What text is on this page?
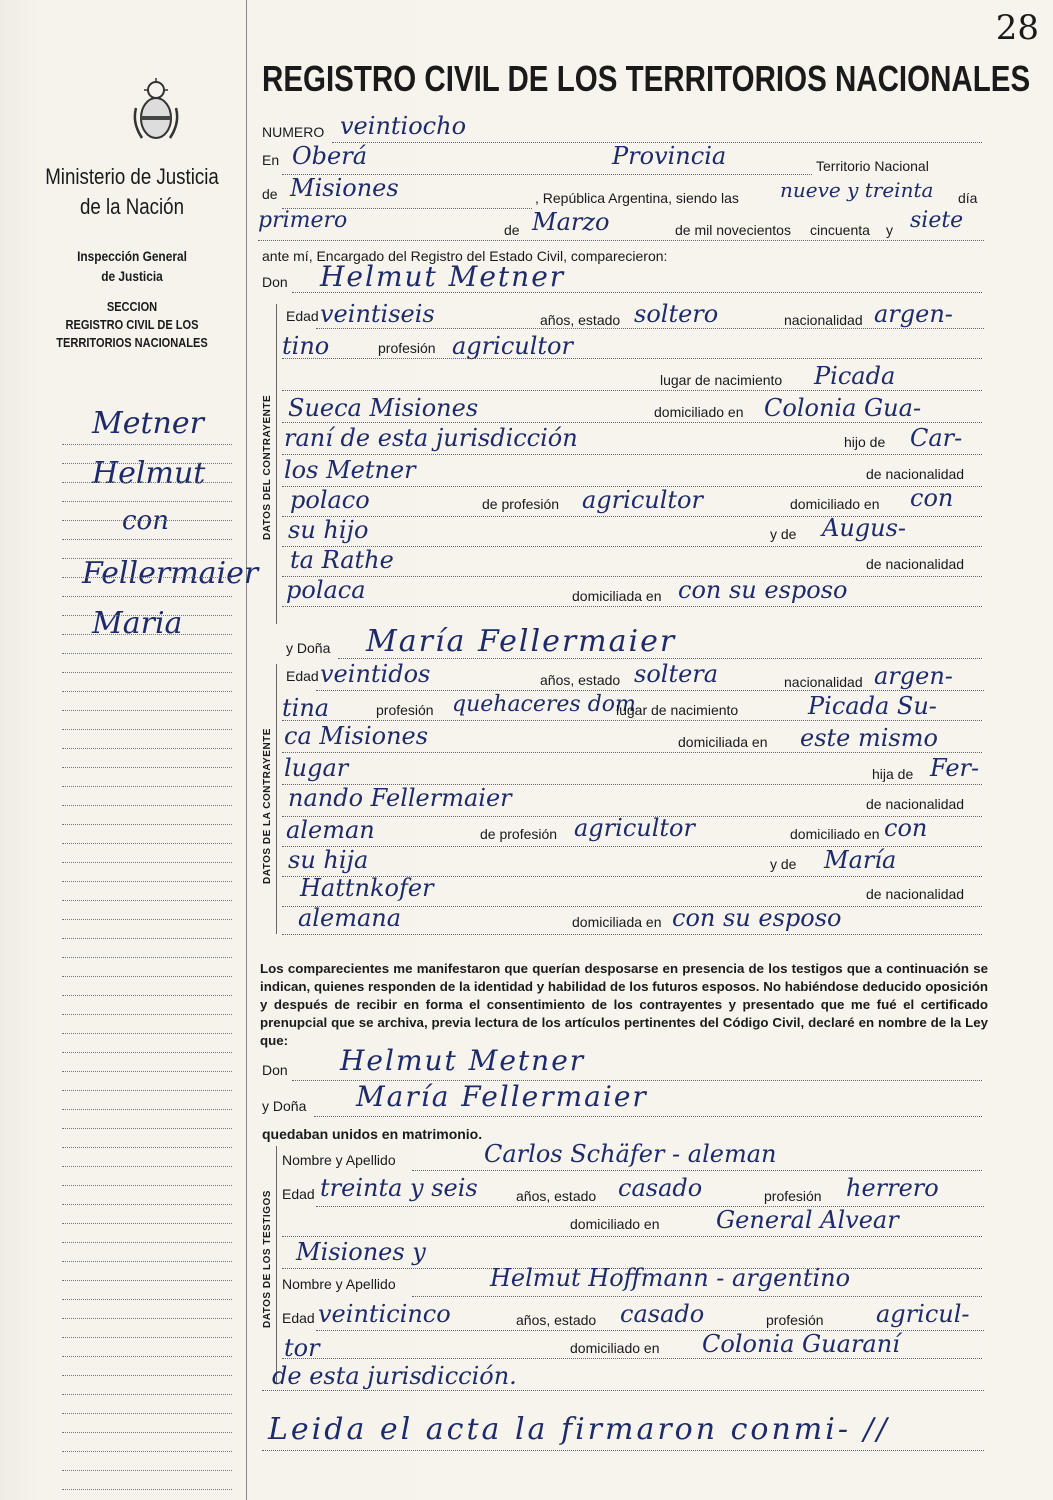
28
Ministerio de Justicia
de la Nación
Inspección General
de Justicia
SECCION
REGISTRO CIVIL DE LOS
TERRITORIOS NACIONALES
Metner
Helmut
con
Fellermaier
Maria
REGISTRO CIVIL DE LOS TERRITORIOS NACIONALES
NUMERO veintiocho
En Oberá	Provincia	Territorio Nacional
de Misiones	, República Argentina, siendo las nueve y treinta día
primero	de Marzo	de mil novecientos cincuenta y siete
ante mí, Encargado del Registro del Estado Civil, comparecieron:
Don Helmut Metner
DATOS DEL CONTRAYENTE
Edad veintiseis	años, estado soltero	nacionalidad argen-
tino	profesión agricultor
lugar de nacimiento Picada
Sueca Misiones	domiciliado en Colonia Gua-
raní de esta jurisdicción	hijo de Car-
los Metner	de nacionalidad
polaco	de profesión agricultor	domiciliado en con
su hijo	y de Augus-
ta Rathe	de nacionalidad
polaca	domiciliada en con su esposo
y Doña María Fellermaier
DATOS DE LA CONTRAYENTE
Edad veintidos	años, estado soltera	nacionalidad argen-
tina	profesión quehaceres dom
lugar de nacimiento	Picada Su-
ca Misiones	domiciliada en este mismo
lugar	hija de Fer-
nando Fellermaier	de nacionalidad
aleman	de profesión agricultor	domiciliado en con
su hija	y de María
Hattnkofer	de nacionalidad
alemana	domiciliada en con su esposo
Los comparecientes me manifestaron que querían desposarse en presencia de los testigos que a continuación se indican, quienes responden de la identidad y habilidad de los futuros esposos. No habiéndose deducido oposición y después de recibir en forma el consentimiento de los contrayentes y presentado que me fué el certificado prenupcial que se archiva, previa lectura de los artículos pertinentes del Código Civil, declaré en nombre de la Ley que:
Don Helmut Metner
y Doña María Fellermaier
quedaban unidos en matrimonio.
DATOS DE LOS TESTIGOS
Nombre y Apellido	Carlos Schäfer - aleman
Edad treinta y seis	años, estado casado	profesión herrero
domiciliado en General Alvear
Misiones y
Nombre y Apellido	Helmut Hoffmann - argentino
Edad veinticinco	años, estado casado	profesión agricul-
tor	domiciliado en Colonia Guaraní
de esta jurisdicción.
Leida el acta la firmaron conmi- //
